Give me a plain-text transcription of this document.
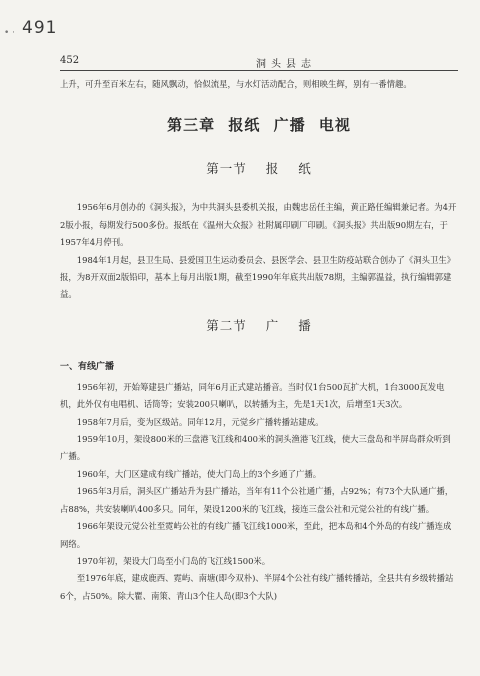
• · 491
452	洞头县志

上升，可升至百米左右，随风飘动，恰似流星，与水灯活动配合，则相映生辉，别有一番情趣。

第三章 报纸 广播 电视
第一节 报 纸

1956年6月创办的《洞头报》，为中共洞头县委机关报，由魏忠岳任主编，黄正路任编辑兼记者。为4开2版小报，每期发行500多份。报纸在《温州大众报》社附属印刷厂印刷。《洞头报》共出版90期左右，于1957年4月停刊。

1984年1月起，县卫生局、县爱国卫生运动委员会、县医学会、县卫生防疫站联合创办了《洞头卫生》报，为8开双面2版铅印，基本上每月出版1期，截至1990年年底共出版78期，主编郭温益，执行编辑郭建益。

第二节 广 播
一、有线广播

1956年初，开始筹建县广播站，同年6月正式建站播音。当时仅1台500瓦扩大机，1台3000瓦发电机，此外仅有电唱机、话筒等；安装200只喇叭，以转播为主，先是1天1次，后增至1天3次。

1958年7月后，变为区级站。同年12月，元觉乡广播转播站建成。

1959年10月，架设800米的三盘港飞江线和400米的洞头渔港飞江线，使大三盘岛和半屏岛群众听到广播。

1960年，大门区建成有线广播站，使大门岛上的3个乡通了广播。

1965年3月后，洞头区广播站升为县广播站，当年有11个公社通广播，占92%；有73个大队通广播，占88%，共安装喇叭400多只。同年，架设1200米的飞江线，接连三盘公社和元觉公社的有线广播。

1966年架设元觉公社至霓屿公社的有线广播飞江线1000米，至此，把本岛和4个外岛的有线广播连成网络。

1970年初，架设大门岛至小门岛的飞江线1500米。

至1976年底，建成鹿西、霓屿、南塘(即今双朴)、半屏4个公社有线广播转播站，全县共有乡级转播站6个，占50%。除大瞿、南策、青山3个住人岛(即3个大队)
